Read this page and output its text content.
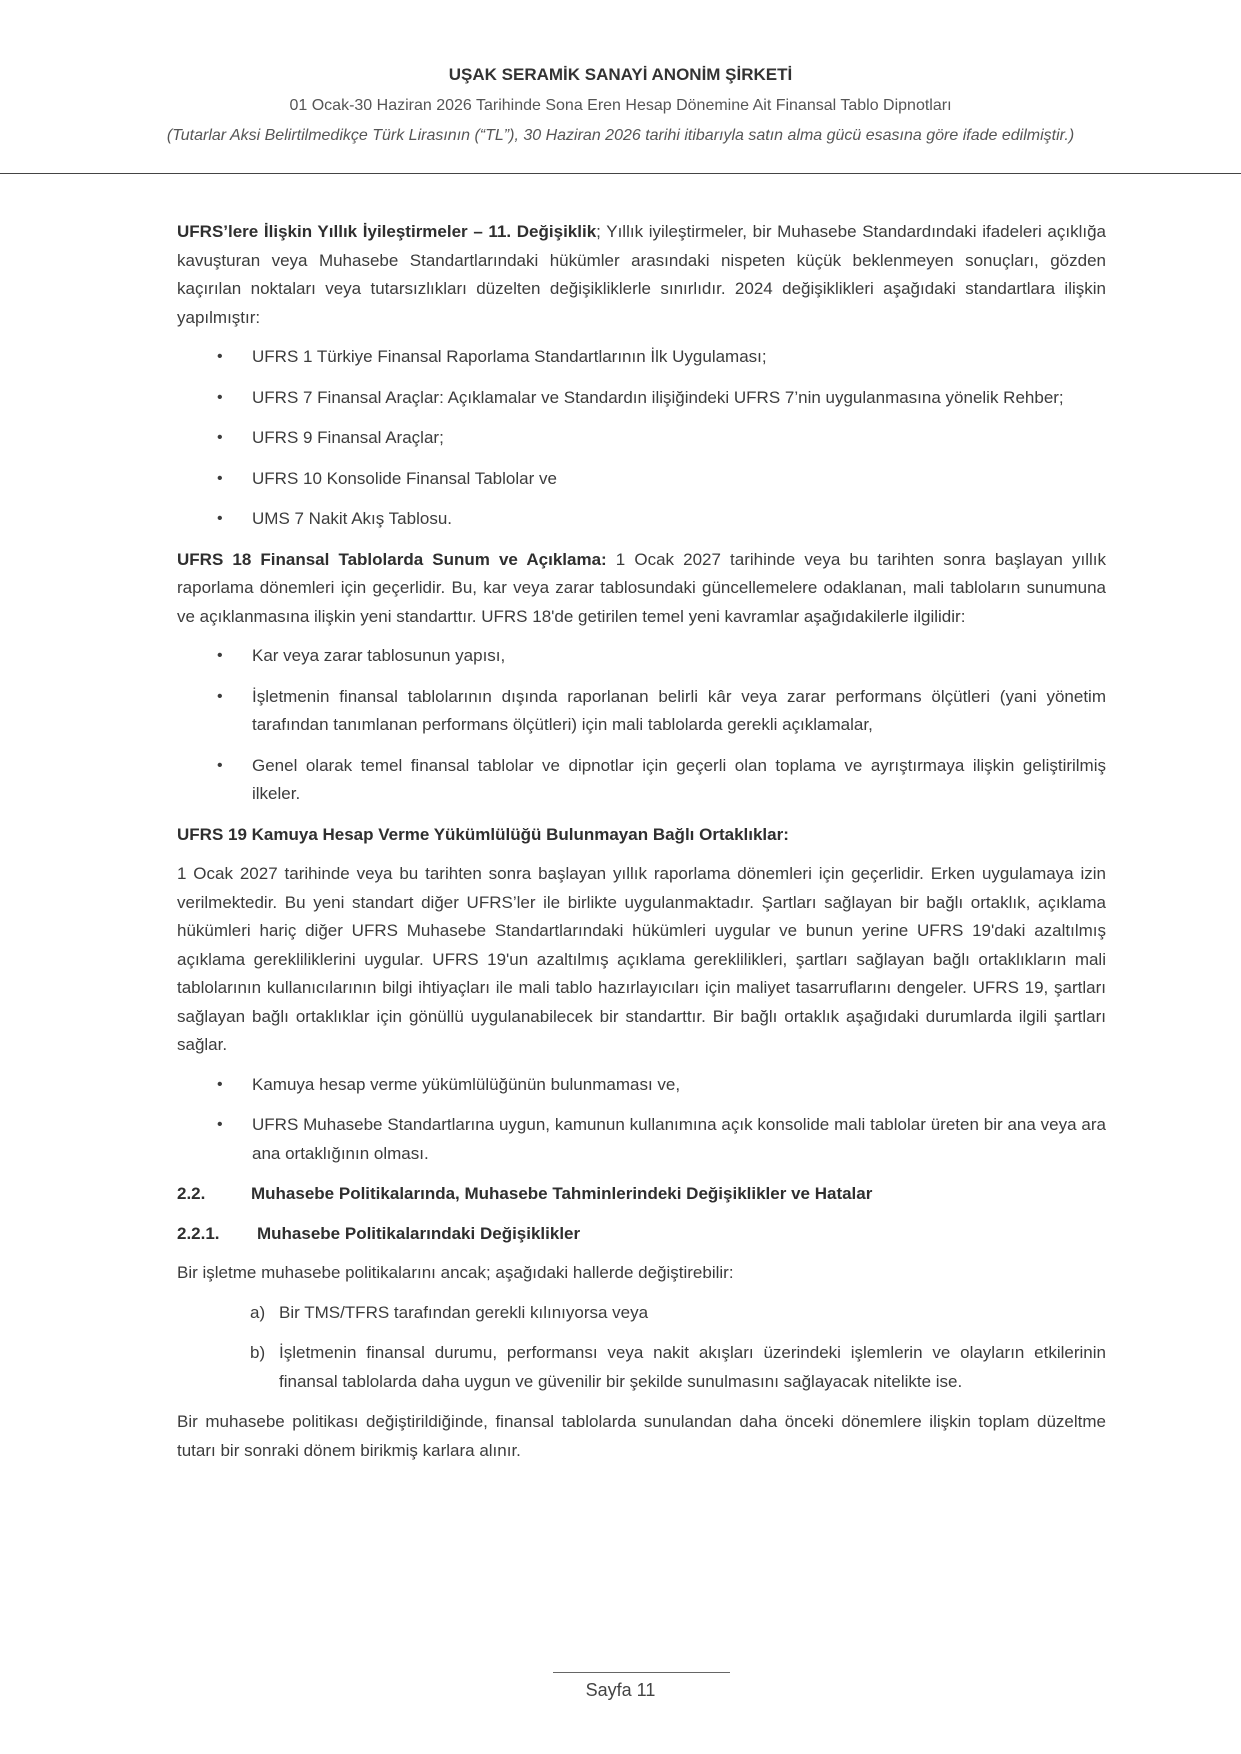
UŞAK SERAMİK SANAYİ ANONİM ŞİRKETİ

01 Ocak-30 Haziran 2026 Tarihinde Sona Eren Hesap Dönemine Ait Finansal Tablo Dipnotları

(Tutarlar Aksi Belirtilmedikçe Türk Lirasının (“TL”), 30 Haziran 2026 tarihi itibarıyla satın alma gücü esasına göre ifade edilmiştir.)

UFRS’lere İlişkin Yıllık İyileştirmeler – 11. Değişiklik; Yıllık iyileştirmeler, bir Muhasebe Standardındaki ifadeleri açıklığa kavuşturan veya Muhasebe Standartlarındaki hükümler arasındaki nispeten küçük beklenmeyen sonuçları, gözden kaçırılan noktaları veya tutarsızlıkları düzelten değişikliklerle sınırlıdır. 2024 değişiklikleri aşağıdaki standartlara ilişkin yapılmıştır:

• UFRS 1 Türkiye Finansal Raporlama Standartlarının İlk Uygulaması;
• UFRS 7 Finansal Araçlar: Açıklamalar ve Standardın ilişiğindeki UFRS 7’nin uygulanmasına yönelik Rehber;
• UFRS 9 Finansal Araçlar;
• UFRS 10 Konsolide Finansal Tablolar ve
• UMS 7 Nakit Akış Tablosu.

UFRS 18 Finansal Tablolarda Sunum ve Açıklama: 1 Ocak 2027 tarihinde veya bu tarihten sonra başlayan yıllık raporlama dönemleri için geçerlidir. Bu, kar veya zarar tablosundaki güncellemelere odaklanan, mali tabloların sunumuna ve açıklanmasına ilişkin yeni standarttır. UFRS 18'de getirilen temel yeni kavramlar aşağıdakilerle ilgilidir:

• Kar veya zarar tablosunun yapısı,
• İşletmenin finansal tablolarının dışında raporlanan belirli kâr veya zarar performans ölçütleri (yani yönetim tarafından tanımlanan performans ölçütleri) için mali tablolarda gerekli açıklamalar,
• Genel olarak temel finansal tablolar ve dipnotlar için geçerli olan toplama ve ayrıştırmaya ilişkin geliştirilmiş ilkeler.

UFRS 19 Kamuya Hesap Verme Yükümlülüğü Bulunmayan Bağlı Ortaklıklar:

1 Ocak 2027 tarihinde veya bu tarihten sonra başlayan yıllık raporlama dönemleri için geçerlidir. Erken uygulamaya izin verilmektedir. Bu yeni standart diğer UFRS’ler ile birlikte uygulanmaktadır. Şartları sağlayan bir bağlı ortaklık, açıklama hükümleri hariç diğer UFRS Muhasebe Standartlarındaki hükümleri uygular ve bunun yerine UFRS 19'daki azaltılmış açıklama gerekliliklerini uygular. UFRS 19'un azaltılmış açıklama gereklilikleri, şartları sağlayan bağlı ortaklıkların mali tablolarının kullanıcılarının bilgi ihtiyaçları ile mali tablo hazırlayıcıları için maliyet tasarruflarını dengeler. UFRS 19, şartları sağlayan bağlı ortaklıklar için gönüllü uygulanabilecek bir standarttır. Bir bağlı ortaklık aşağıdaki durumlarda ilgili şartları sağlar.

• Kamuya hesap verme yükümlülüğünün bulunmaması ve,
• UFRS Muhasebe Standartlarına uygun, kamunun kullanımına açık konsolide mali tablolar üreten bir ana veya ara ana ortaklığının olması.

2.2.	Muhasebe Politikalarında, Muhasebe Tahminlerindeki Değişiklikler ve Hatalar

2.2.1. Muhasebe Politikalarındaki Değişiklikler

Bir işletme muhasebe politikalarını ancak; aşağıdaki hallerde değiştirebilir:

a) Bir TMS/TFRS tarafından gerekli kılınıyorsa veya
b) İşletmenin finansal durumu, performansı veya nakit akışları üzerindeki işlemlerin ve olayların etkilerinin finansal tablolarda daha uygun ve güvenilir bir şekilde sunulmasını sağlayacak nitelikte ise.

Bir muhasebe politikası değiştirildiğinde, finansal tablolarda sunulandan daha önceki dönemlere ilişkin toplam düzeltme tutarı bir sonraki dönem birikmiş karlara alınır.

Sayfa 11
